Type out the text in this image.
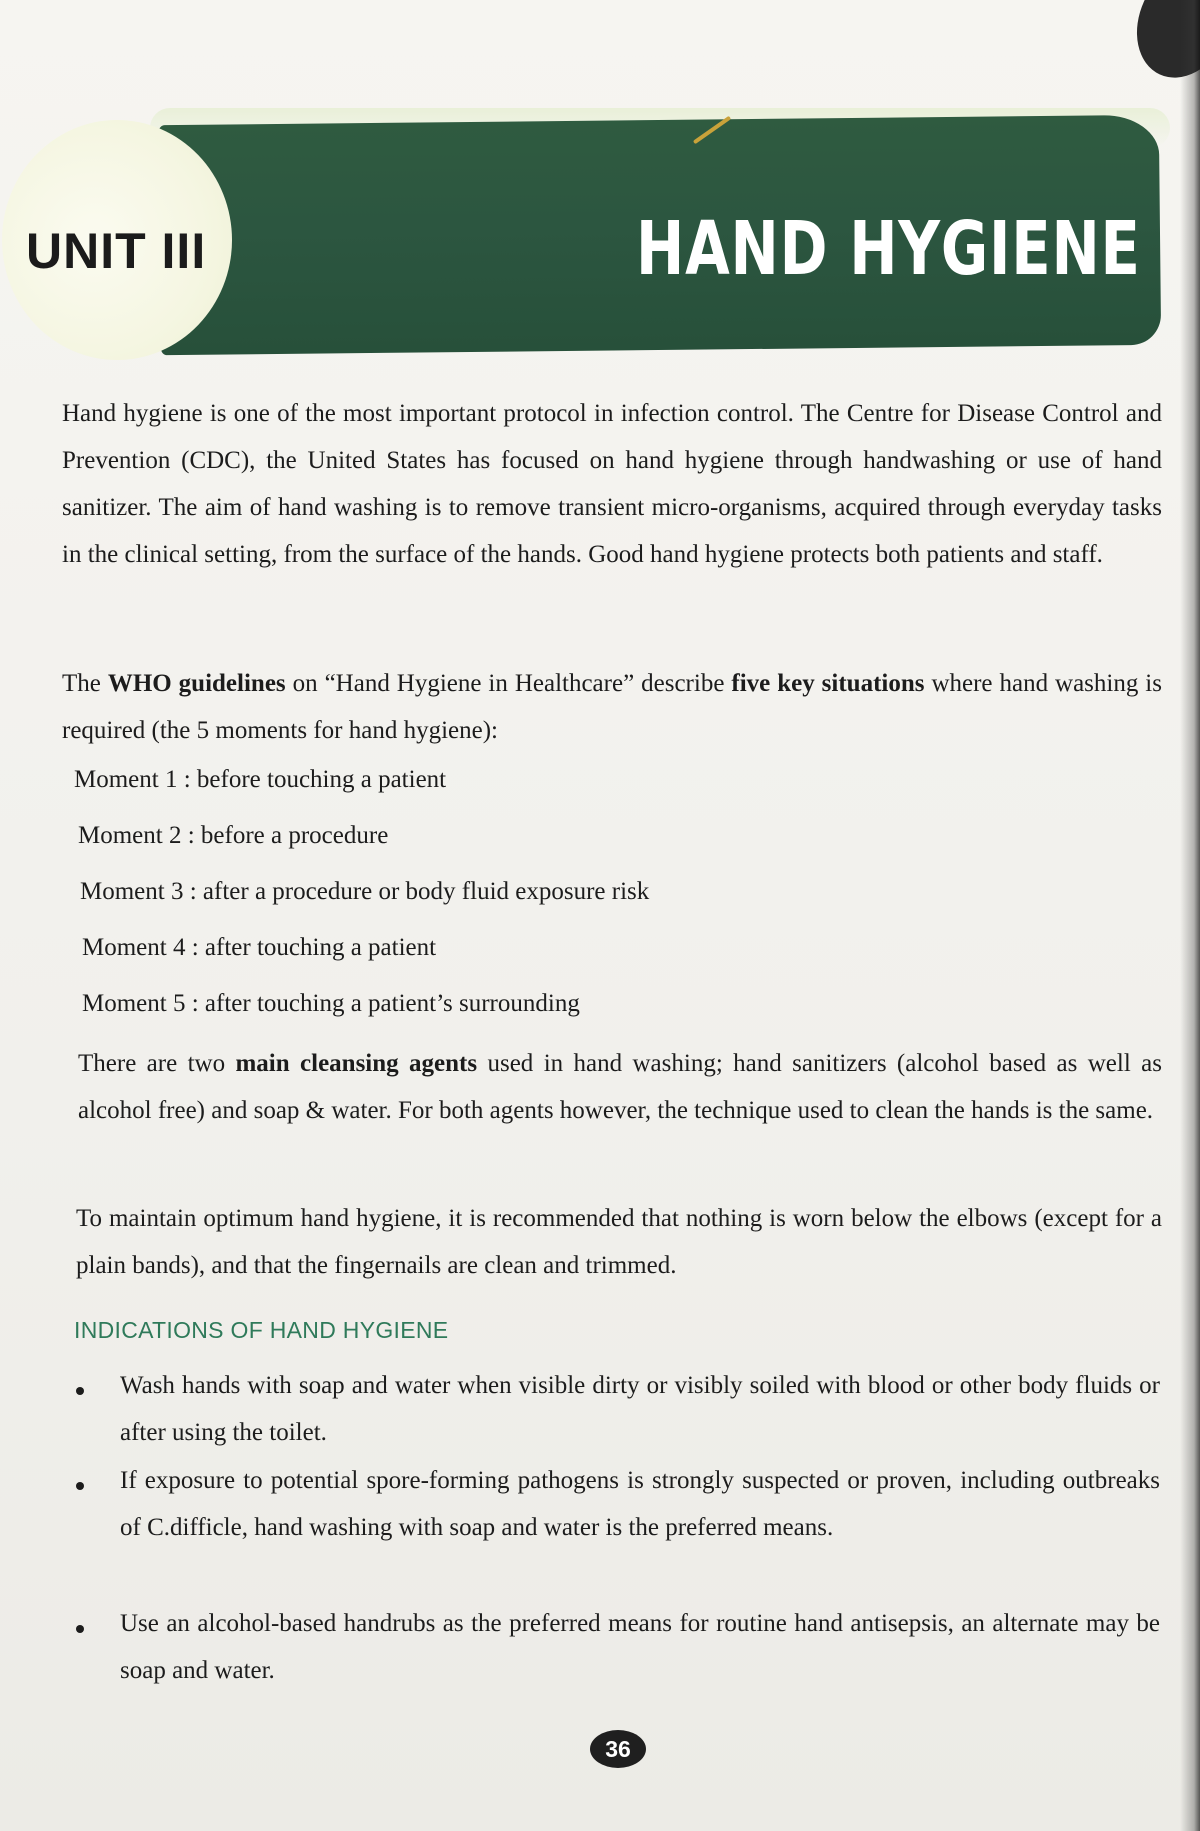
UNIT III	HAND HYGIENE
Hand hygiene is one of the most important protocol in infection control. The Centre for Disease Control and Prevention (CDC), the United States has focused on hand hygiene through handwashing or use of hand sanitizer. The aim of hand washing is to remove transient micro-organisms, acquired through everyday tasks in the clinical setting, from the surface of the hands. Good hand hygiene protects both patients and staff.
The WHO guidelines on “Hand Hygiene in Healthcare” describe five key situations where hand washing is required (the 5 moments for hand hygiene):
Moment 1 : before touching a patient
Moment 2 : before a procedure
Moment 3 : after a procedure or body fluid exposure risk
Moment 4 : after touching a patient
Moment 5 : after touching a patient’s surrounding
There are two main cleansing agents used in hand washing; hand sanitizers (alcohol based as well as alcohol free) and soap & water. For both agents however, the technique used to clean the hands is the same.
To maintain optimum hand hygiene, it is recommended that nothing is worn below the elbows (except for a plain bands), and that the fingernails are clean and trimmed.
INDICATIONS OF HAND HYGIENE
Wash hands with soap and water when visible dirty or visibly soiled with blood or other body fluids or after using the toilet.
If exposure to potential spore-forming pathogens is strongly suspected or proven, including outbreaks of C.difficle, hand washing with soap and water is the preferred means.
Use an alcohol-based handrubs as the preferred means for routine hand antisepsis, an alternate may be soap and water.
36
